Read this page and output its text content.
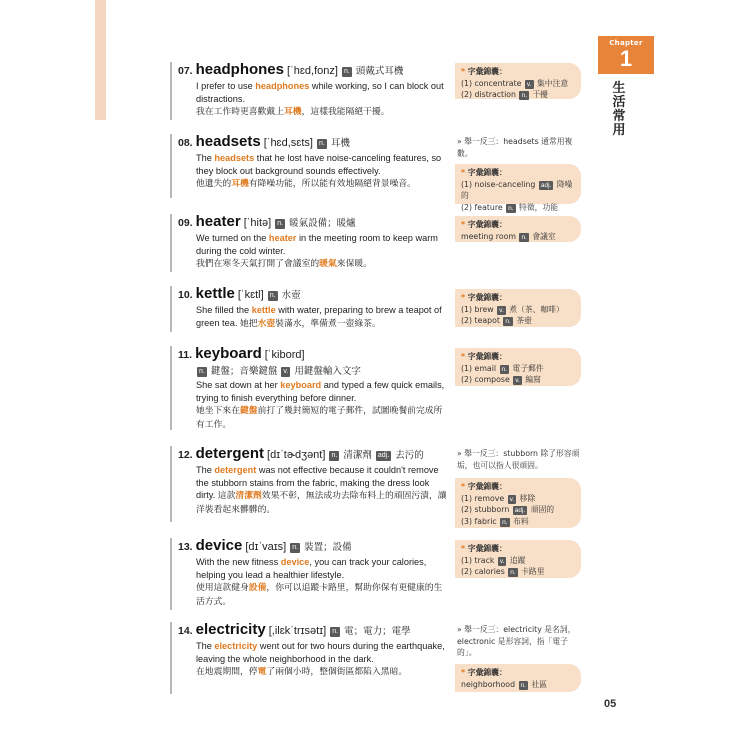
Chapter
1
生活常用
07. headphones [ˈhɛd,fonz] n. 頭戴式耳機
I prefer to use headphones while working, so I can block out distractions.
我在工作時更喜歡戴上耳機，這樣我能隔絕干擾。
* 字彙錦囊：
(1) concentrate v. 集中注意
(2) distraction n. 干擾
08. headsets [ˈhɛd,sɛts] n. 耳機
The headsets that he lost have noise-canceling features, so they block out background sounds effectively.
他遺失的耳機有降噪功能，所以能有效地隔絕背景噪音。
» 舉一反三：headsets 通常用複數。
* 字彙錦囊：
(1) noise-canceling adj. 降噪的
(2) feature n. 特徵，功能
09. heater [ˈhitə] n. 暖氣設備；暖爐
We turned on the heater in the meeting room to keep warm during the cold winter.
我們在寒冬天氣打開了會議室的暖氣來保暖。
* 字彙錦囊：
meeting room n. 會議室
10. kettle [ˈkɛtl] n. 水壺
She filled the kettle with water, preparing to brew a teapot of green tea. 她把水壺裝滿水，準備煮一壺綠茶。
* 字彙錦囊：
(1) brew v. 煮（茶、咖啡）
(2) teapot n. 茶壺
11. keyboard [ˈkibord]
n. 鍵盤；音樂鍵盤 v. 用鍵盤輸入文字
She sat down at her keyboard and typed a few quick emails, trying to finish everything before dinner.
她坐下來在鍵盤前打了幾封簡短的電子郵件，試圖晚餐前完成所有工作。
* 字彙錦囊：
(1) email n. 電子郵件
(2) compose v. 編寫
12. detergent [dɪˈtɚdʒənt] n. 清潔劑 adj. 去污的
The detergent was not effective because it couldn't remove the stubborn stains from the fabric, making the dress look dirty. 這款清潔劑效果不彰，無法成功去除布料上的頑固污漬，讓洋裝看起來髒髒的。
» 舉一反三：stubborn 除了形容頑垢，也可以指人很頑固。
* 字彙錦囊：
(1) remove v. 移除
(2) stubborn adj. 頑固的
(3) fabric n. 布料
13. device [dɪˈvaɪs] n. 裝置；設備
With the new fitness device, you can track your calories, helping you lead a healthier lifestyle.
使用這款健身設備，你可以追蹤卡路里，幫助你保有更健康的生活方式。
* 字彙錦囊：
(1) track v. 追蹤
(2) calories n. 卡路里
14. electricity [,ilɛkˈtrɪsətɪ] n. 電；電力；電學
The electricity went out for two hours during the earthquake, leaving the whole neighborhood in the dark.
在地震期間，停電了兩個小時，整個街區都陷入黑暗。
» 舉一反三：electricity 是名詞，electronic 是形容詞，指「電子的」。
* 字彙錦囊：
neighborhood n. 社區
05
